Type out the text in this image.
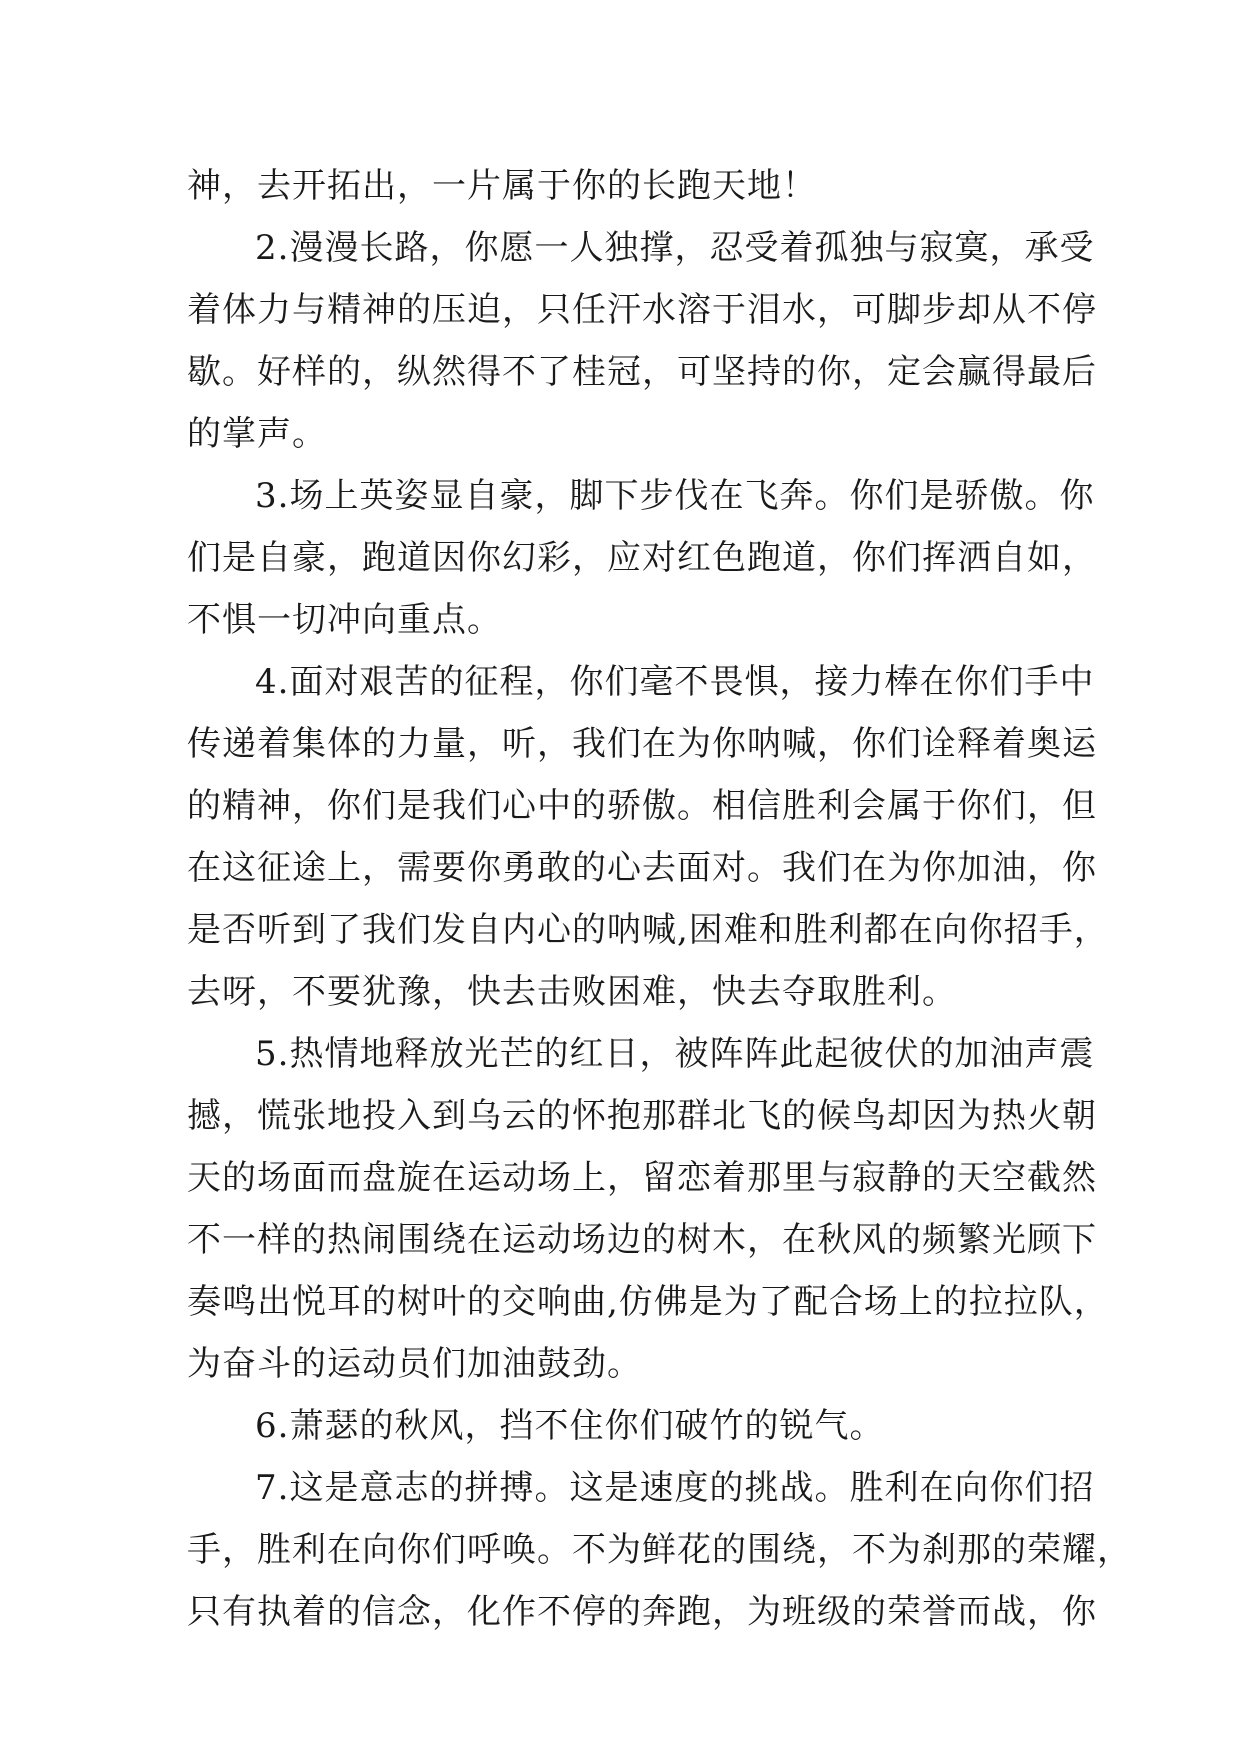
神，去开拓出，一片属于你的长跑天地！
2.漫漫长路，你愿一人独撑，忍受着孤独与寂寞，承受
着体力与精神的压迫，只任汗水溶于泪水，可脚步却从不停
歇。好样的，纵然得不了桂冠，可坚持的你，定会赢得最后
的掌声。
3.场上英姿显自豪，脚下步伐在飞奔。你们是骄傲。你
们是自豪，跑道因你幻彩，应对红色跑道，你们挥洒自如，
不惧一切冲向重点。
4.面对艰苦的征程，你们毫不畏惧，接力棒在你们手中
传递着集体的力量，听，我们在为你呐喊，你们诠释着奥运
的精神，你们是我们心中的骄傲。相信胜利会属于你们，但
在这征途上，需要你勇敢的心去面对。我们在为你加油，你
是否听到了我们发自内心的呐喊,困难和胜利都在向你招手，
去呀，不要犹豫，快去击败困难，快去夺取胜利。
5.热情地释放光芒的红日，被阵阵此起彼伏的加油声震
撼，慌张地投入到乌云的怀抱那群北飞的候鸟却因为热火朝
天的场面而盘旋在运动场上，留恋着那里与寂静的天空截然
不一样的热闹围绕在运动场边的树木，在秋风的频繁光顾下
奏鸣出悦耳的树叶的交响曲,仿佛是为了配合场上的拉拉队，
为奋斗的运动员们加油鼓劲。
6.萧瑟的秋风，挡不住你们破竹的锐气。
7.这是意志的拼搏。这是速度的挑战。胜利在向你们招
手，胜利在向你们呼唤。不为鲜花的围绕，不为刹那的荣耀，
只有执着的信念，化作不停的奔跑，为班级的荣誉而战，你
